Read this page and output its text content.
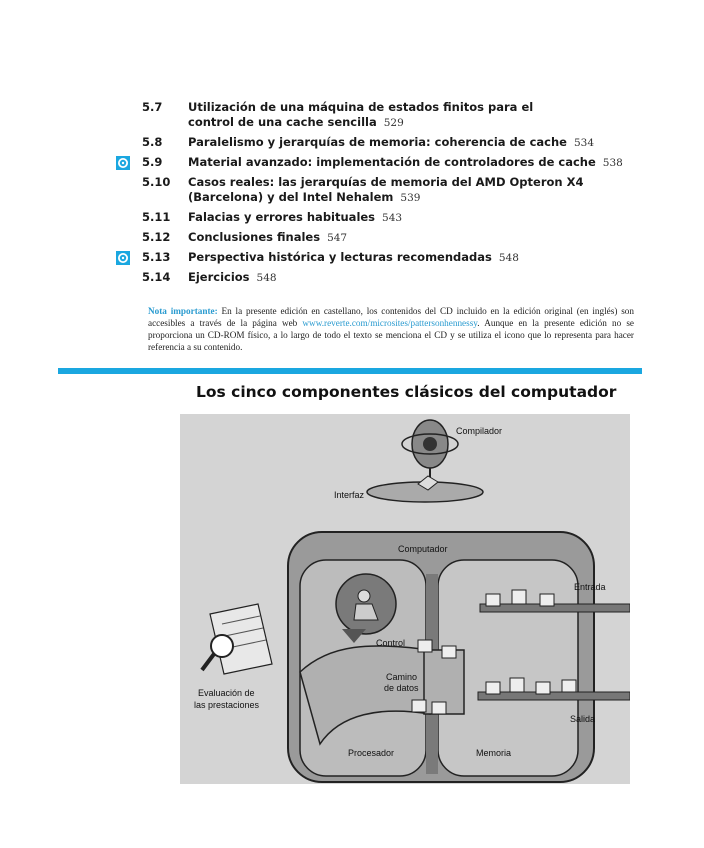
5.7	Utilización de una máquina de estados finitos para el
control de una cache sencilla 529
5.8	Paralelismo y jerarquías de memoria: coherencia de cache 534
5.9	Material avanzado: implementación de controladores de cache 538
5.10	Casos reales: las jerarquías de memoria del AMD Opteron X4
(Barcelona) y del Intel Nehalem 539
5.11	Falacias y errores habituales 543
5.12	Conclusiones finales 547
5.13	Perspectiva histórica y lecturas recomendadas 548
5.14	Ejercicios 548
Nota importante: En la presente edición en castellano, los contenidos del CD incluido en la edición original (en inglés) son accesibles a través de la página web www.reverte.com/microsites/pattersonhennessy. Aunque en la presente edición no se proporciona un CD-ROM físico, a lo largo de todo el texto se menciona el CD y se utiliza el icono que lo representa para hacer referencia a su contenido.
Los cinco componentes clásicos del computador
Compilador
Interfaz
Computador
Entrada
Control
Camino
de datos
Salida
Evaluación de
las prestaciones
Procesador	Memoria
